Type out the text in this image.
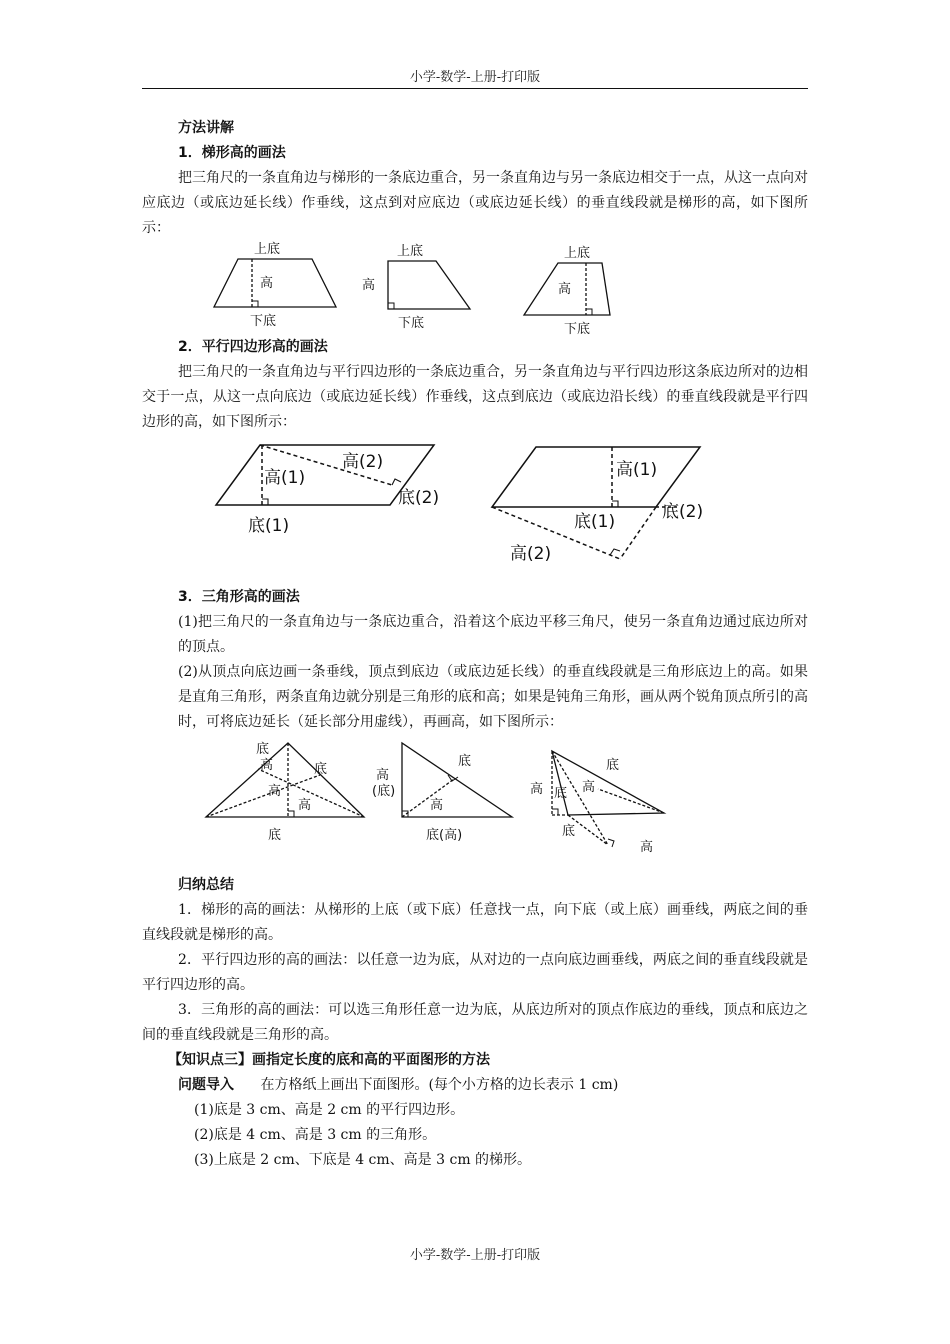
小学-数学-上册-打印版

方法讲解

1．梯形高的画法

把三角尺的一条直角边与梯形的一条底边重合，另一条直角边与另一条底边相交于一点，从这一点向对应底边（或底边延长线）作垂线，这点到对应底边（或底边延长线）的垂直线段就是梯形的高，如下图所示：

上底
高
下底
上底
高
下底
上底
高
下底

2．平行四边形高的画法

把三角尺的一条直角边与平行四边形的一条底边重合，另一条直角边与平行四边形这条底边所对的边相交于一点，从这一点向底边（或底边延长线）作垂线，这点到底边（或底边沿长线）的垂直线段就是平行四边形的高，如下图所示：

高(1)
高(2)
底(2)
底(1)
高(1)
底(1)	底(2)
高(2)

3．三角形高的画法

(1)把三角尺的一条直角边与一条底边重合，沿着这个底边平移三角尺，使另一条直角边通过底边所对的顶点。

(2)从顶点向底边画一条垂线，顶点到底边（或底边延长线）的垂直线段就是三角形底边上的高。如果是直角三角形，两条直角边就分别是三角形的底和高；如果是钝角三角形，画从两个锐角顶点所引的高时，可将底边延长（延长部分用虚线），再画高，如下图所示：

底
高	底
高
高
底
高
(底)
底
高
底(高)
高 底 高
底
底
高

归纳总结

1．梯形的高的画法：从梯形的上底（或下底）任意找一点，向下底（或上底）画垂线，两底之间的垂直线段就是梯形的高。

2．平行四边形的高的画法：以任意一边为底，从对边的一点向底边画垂线，两底之间的垂直线段就是平行四边形的高。

3．三角形的高的画法：可以选三角形任意一边为底，从底边所对的顶点作底边的垂线，顶点和底边之间的垂直线段就是三角形的高。

【知识点三】画指定长度的底和高的平面图形的方法

问题导入 在方格纸上画出下面图形。(每个小方格的边长表示 1 cm)

(1)底是 3 cm、高是 2 cm 的平行四边形。

(2)底是 4 cm、高是 3 cm 的三角形。

(3)上底是 2 cm、下底是 4 cm、高是 3 cm 的梯形。

小学-数学-上册-打印版
